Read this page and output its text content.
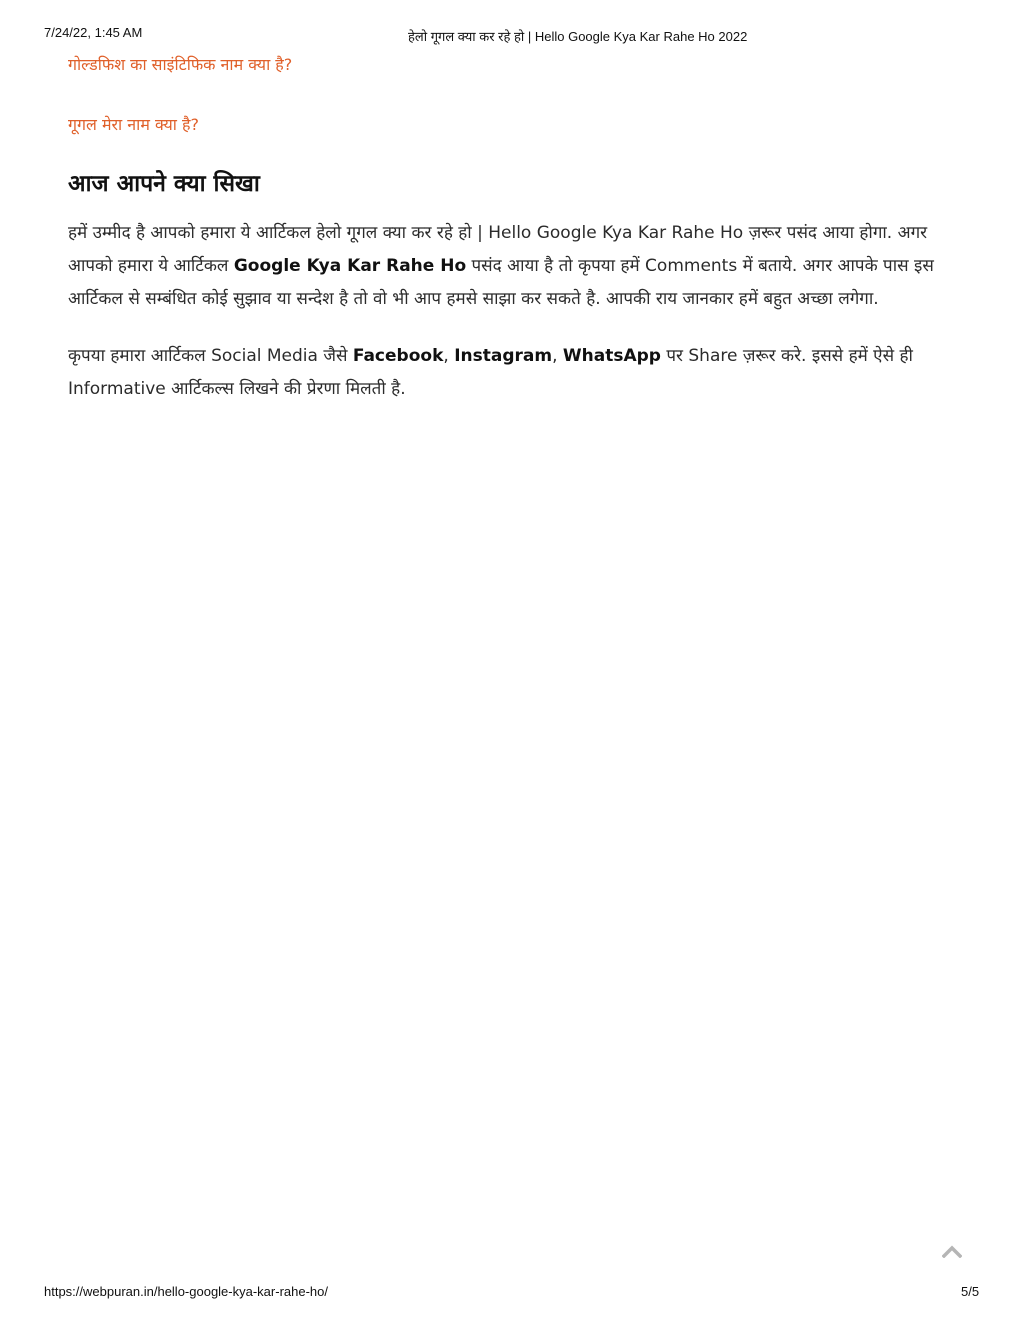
7/24/22, 1:45 AM	हेलो गूगल क्या कर रहे हो | Hello Google Kya Kar Rahe Ho 2022
गोल्डफिश का साइंटिफिक नाम क्या है?
गूगल मेरा नाम क्या है?
आज आपने क्या सिखा

हमें उम्मीद है आपको हमारा ये आर्टिकल हेलो गूगल क्या कर रहे हो | Hello Google Kya Kar Rahe Ho ज़रूर पसंद आया होगा. अगर आपको हमारा ये आर्टिकल Google Kya Kar Rahe Ho पसंद आया है तो कृपया हमें Comments में बताये. अगर आपके पास इस आर्टिकल से सम्बंधित कोई सुझाव या सन्देश है तो वो भी आप हमसे साझा कर सकते है. आपकी राय जानकार हमें बहुत अच्छा लगेगा.

कृपया हमारा आर्टिकल Social Media जैसे Facebook, Instagram, WhatsApp पर Share ज़रूर करे. इससे हमें ऐसे ही Informative आर्टिकल्स लिखने की प्रेरणा मिलती है.

https://webpuran.in/hello-google-kya-kar-rahe-ho/	5/5
